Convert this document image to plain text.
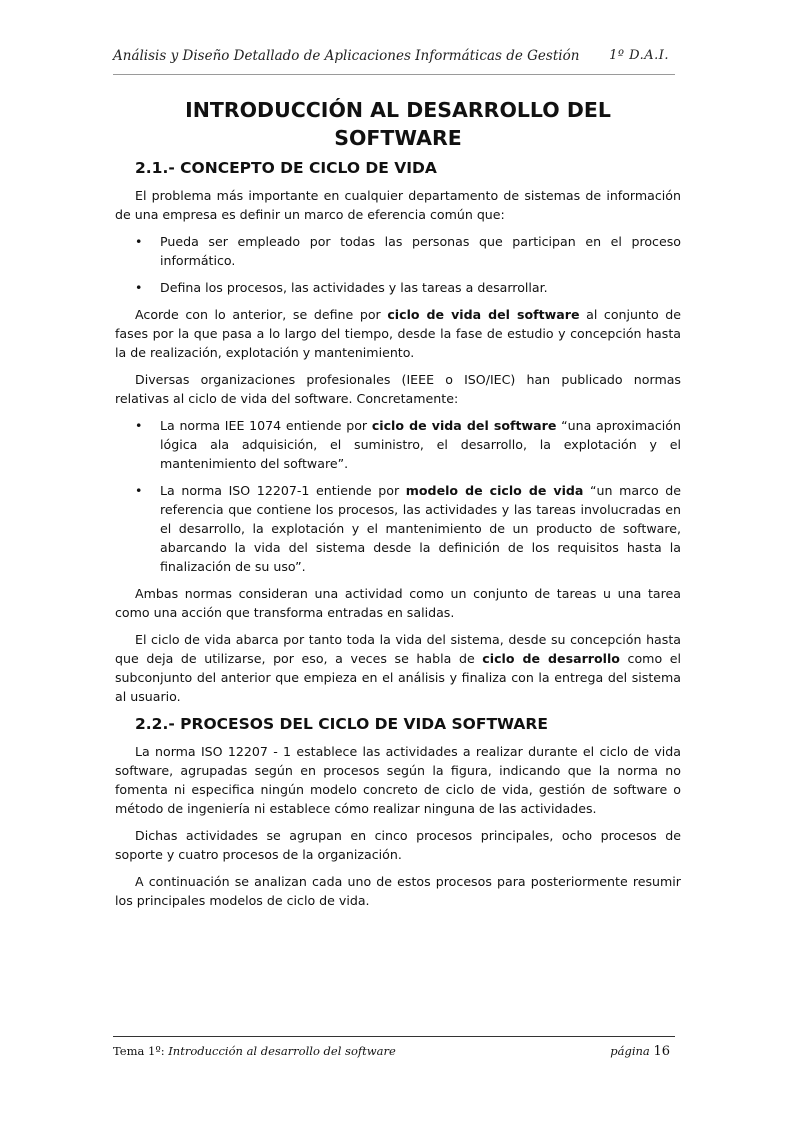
Análisis y Diseño Detallado de Aplicaciones Informáticas de Gestión 1º D.A.I.
INTRODUCCIÓN AL DESARROLLO DEL
SOFTWARE
2.1.- CONCEPTO DE CICLO DE VIDA

El problema más importante en cualquier departamento de sistemas de información de una empresa es definir un marco de eferencia común que:

• Pueda ser empleado por todas las personas que participan en el proceso informático.
• Defina los procesos, las actividades y las tareas a desarrollar.

Acorde con lo anterior, se define por ciclo de vida del software al conjunto de fases por la que pasa a lo largo del tiempo, desde la fase de estudio y concepción hasta la de realización, explotación y mantenimiento.

Diversas organizaciones profesionales (IEEE o ISO/IEC) han publicado normas relativas al ciclo de vida del software. Concretamente:

• La norma IEE 1074 entiende por ciclo de vida del software “una aproximación lógica ala adquisición, el suministro, el desarrollo, la explotación y el mantenimiento del software”.
• La norma ISO 12207-1 entiende por modelo de ciclo de vida “un marco de referencia que contiene los procesos, las actividades y las tareas involucradas en el desarrollo, la explotación y el mantenimiento de un producto de software, abarcando la vida del sistema desde la definición de los requisitos hasta la finalización de su uso”.

Ambas normas consideran una actividad como un conjunto de tareas u una tarea como una acción que transforma entradas en salidas.

El ciclo de vida abarca por tanto toda la vida del sistema, desde su concepción hasta que deja de utilizarse, por eso, a veces se habla de ciclo de desarrollo como el subconjunto del anterior que empieza en el análisis y finaliza con la entrega del sistema al usuario.

2.2.- PROCESOS DEL CICLO DE VIDA SOFTWARE

La norma ISO 12207 - 1 establece las actividades a realizar durante el ciclo de vida software, agrupadas según en procesos según la figura, indicando que la norma no fomenta ni especifica ningún modelo concreto de ciclo de vida, gestión de software o método de ingeniería ni establece cómo realizar ninguna de las actividades.

Dichas actividades se agrupan en cinco procesos principales, ocho procesos de soporte y cuatro procesos de la organización.

A continuación se analizan cada uno de estos procesos para posteriormente resumir los principales modelos de ciclo de vida.

Tema 1º: Introducción al desarrollo del software	página 16
